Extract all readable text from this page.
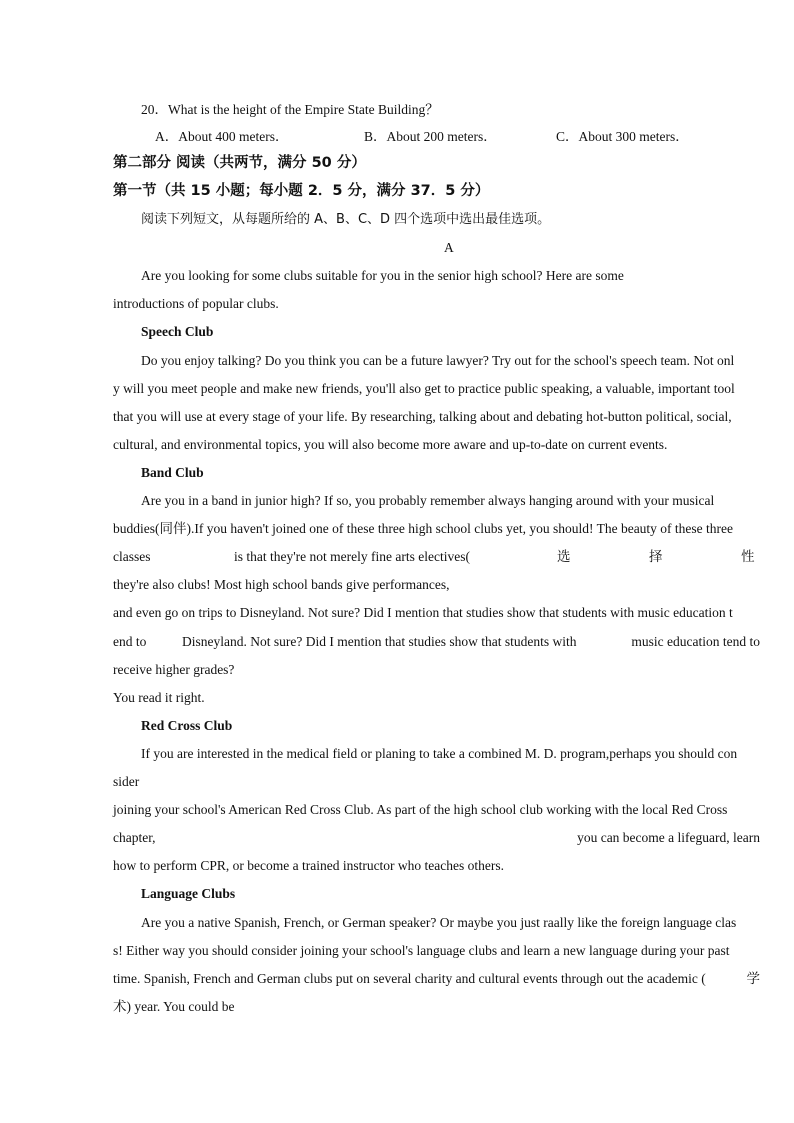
20．What is the height of the Empire State Building？
A．About 400 meters．	B．About 200 meters．	C．About 300 meters．
第二部分 阅读（共两节，满分 50 分）
第一节（共 15 小题；每小题 2．5 分，满分 37．5 分）
阅读下列短文，从每题所给的 A、B、C、D 四个选项中选出最佳选项。
A
Are you looking for some clubs suitable for you in the senior high school? Here are some
introductions of popular clubs.
Speech Club
Do you enjoy talking? Do you think you can be a future lawyer? Try out for the school's speech team. Not onl
y will you meet people and make new friends, you'll also get to practice public speaking, a valuable, important tool
that you will use at every stage of your life. By researching, talking about and debating hot-button political, social,
cultural, and environmental topics, you will also become more aware and up-to-date on current events.
Band Club
Are you in a band in junior high? If so, you probably remember always hanging around with your musical
buddies(同伴).If you haven't joined one of these three high school clubs yet, you should! The beauty of these three
classes	is that they're not merely fine arts electives(	选	择	性
they're also clubs! Most high school bands give performances,
and even go on trips to Disneyland. Not sure? Did I mention that studies show that students with music education t
end to	Disneyland. Not sure? Did I mention that studies show that students with	music education tend to
receive higher grades?
You read it right.
Red Cross Club
If you are interested in the medical field or planing to take a combined M. D. program,perhaps you should con
sider
joining your school's American Red Cross Club. As part of the high school club working with the local Red Cross
chapter,	you can become a lifeguard, learn
how to perform CPR, or become a trained instructor who teaches others.
Language Clubs
Are you a native Spanish, French, or German speaker? Or maybe you just raally like the foreign language clas
s! Either way you should consider joining your school's language clubs and learn a new language during your past
time. Spanish, French and German clubs put on several charity and cultural events through out the academic (	学
术) year. You could be
